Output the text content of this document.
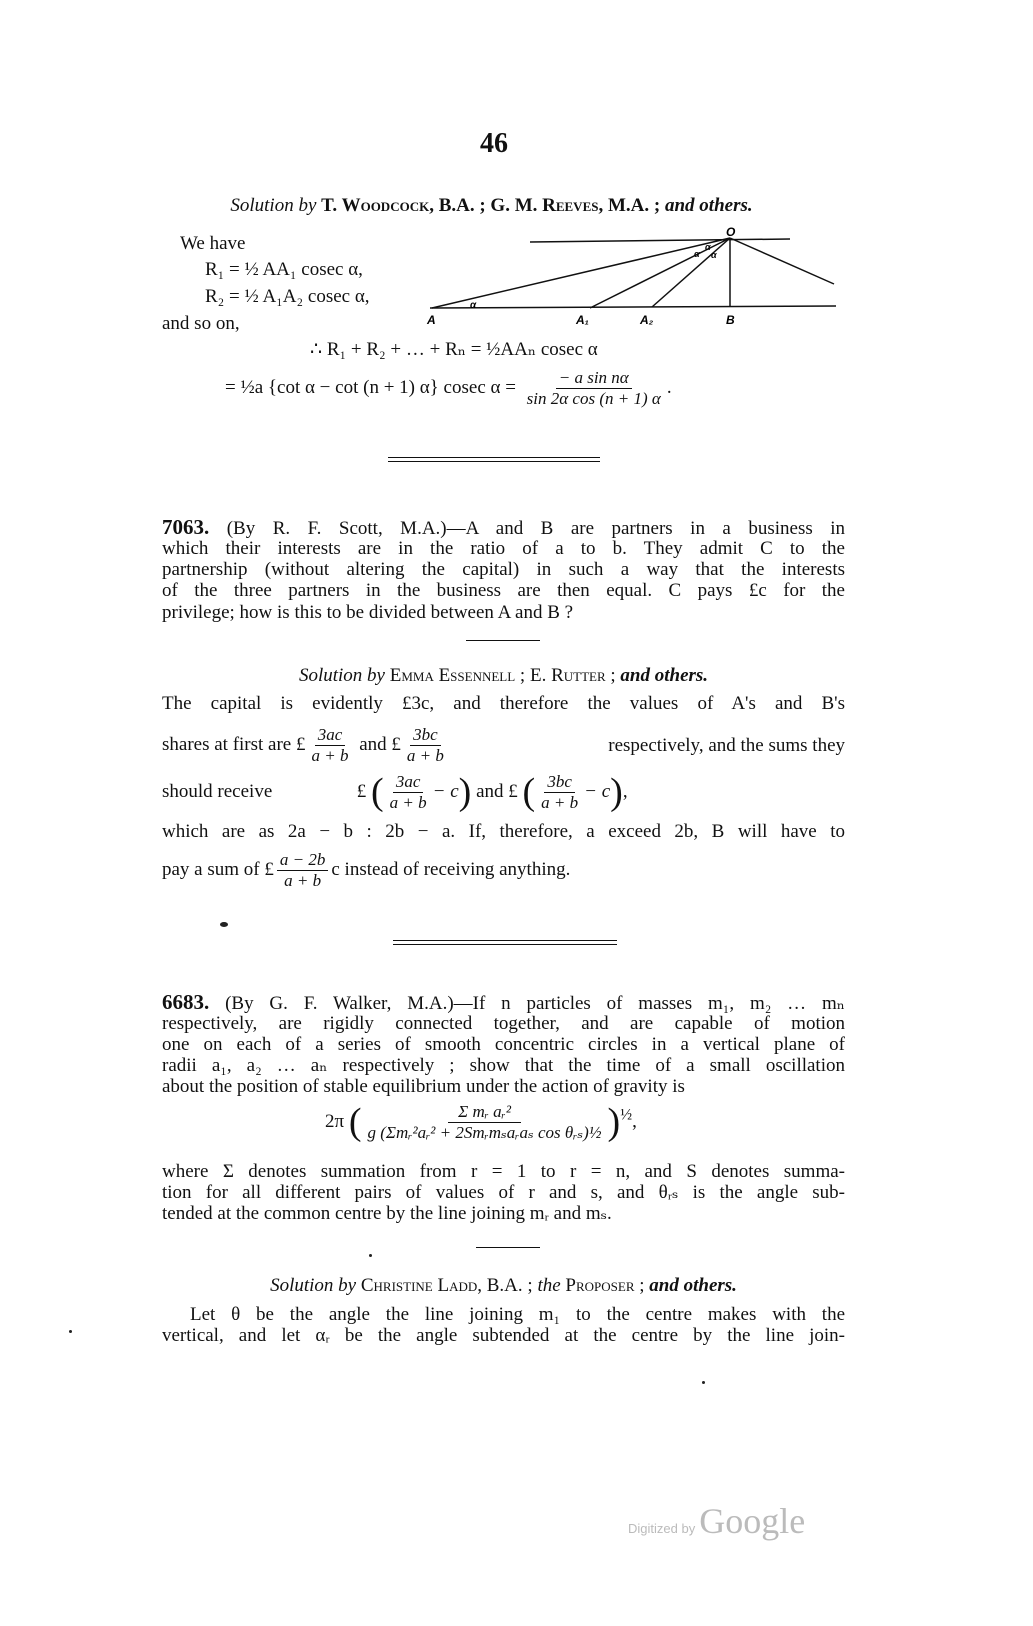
46
Solution by T. Woodcock, B.A. ; G. M. Reeves, M.A. ; and others.
We have
R₁ = ½ AA₁ cosec α,
R₂ = ½ A₁A₂ cosec α,
and so on,
∴ R₁ + R₂ + … + Rₙ = ½AAₙ cosec α
= ½a {cot α − cot (n + 1) α} cosec $\alpha = \frac{\text{− a sin nα}}{\text{sin 2α cos (n + 1) α}}$ .
O
A	A₁	A₂	B
α
α
α α
7063. (By R. F. Scott, M.A.)—A and B are partners in a business in
which their interests are in the ratio of a to b. They admit C to the
partnership (without altering the capital) in such a way that the interests
of the three partners in the business are then equal. C pays £c for the
privilege; how is this to be divided between A and B ?
Solution by Emma Essennell ; E. Rutter ; and others.
The capital is evidently £3c, and therefore the values of A's and B's
shares at first are £ $\frac{3ac}{a + b}$ and £ $\frac{3bc}{a + b}$	respectively, and the sums they
should receive	£ ( $\frac{3ac}{a + b} - c$) and £ ( $\frac{3bc}{a + b} - c$),
which are as 2a − b : 2b − a. If, therefore, a exceed 2b, B will have to
pay a sum of £ $\frac{a - 2b}{a + b}$ c instead of receiving anything.
6683. (By G. F. Walker, M.A.)—If n particles of masses m₁, m₂ … mₙ
respectively, are rigidly connected together, and are capable of motion
one on each of a series of smooth concentric circles in a vertical plane of
radii a₁, a₂ … aₙ respectively ; show that the time of a small oscillation
about the position of stable equilibrium under the action of gravity is
2π ( $\frac{\text{Σ mᵣ aᵣ²}}{\text{g (Σmᵣ²aᵣ² + 2Smᵣmₛaᵣaₛ cos θᵣₛ)½}} )^{\frac{1}{2}}$,
where Σ denotes summation from r = 1 to r = n, and S denotes summa-
tion for all different pairs of values of r and s, and θᵣₛ is the angle sub-
tended at the common centre by the line joining mᵣ and mₛ.
Solution by Christine Ladd, B.A. ; the Proposer ; and others.
Let θ be the angle the line joining m₁ to the centre makes with the
vertical, and let αᵣ be the angle subtended at the centre by the line join-
Digitized by Google
